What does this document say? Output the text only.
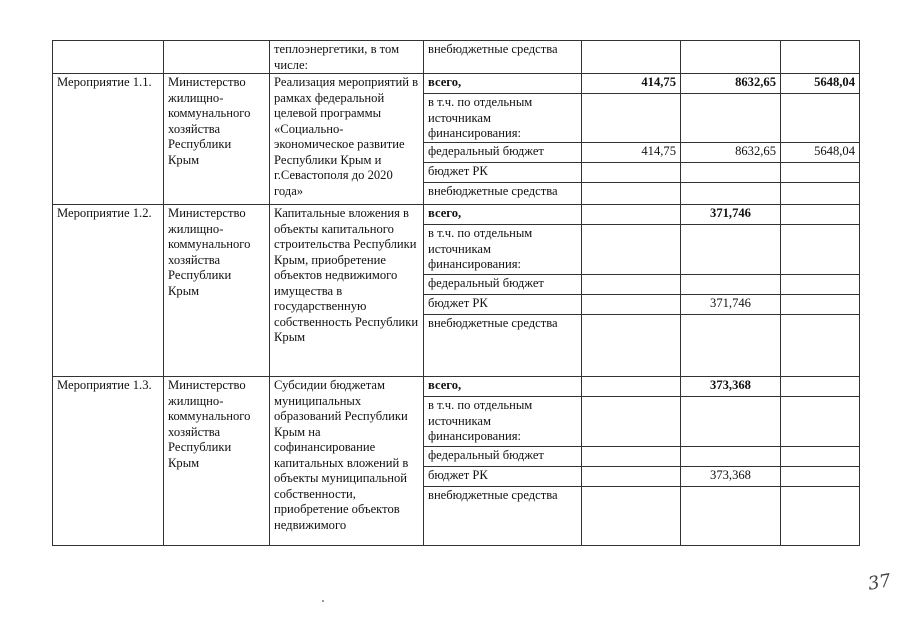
		теплоэнергетики, в том числе:	внебюджетные средства			
Мероприятие 1.1.	Министерство жилищно-коммунального хозяйства Республики Крым	Реализация мероприятий в рамках федеральной целевой программы «Социально-экономическое развитие Республики Крым и г.Севастополя до 2020 года»	всего,	414,75	8632,65	5648,04
			в т.ч. по отдельным источникам финансирования:			
			федеральный бюджет	414,75	8632,65	5648,04
			бюджет РК			
			внебюджетные средства			
Мероприятие 1.2.	Министерство жилищно-коммунального хозяйства Республики Крым	Капитальные вложения в объекты капитального строительства Республики Крым, приобретение объектов недвижимого имущества в государственную собственность Республики Крым	всего,		371,746	
			в т.ч. по отдельным источникам финансирования:			
			федеральный бюджет			
			бюджет РК		371,746	
			внебюджетные средства			
Мероприятие 1.3.	Министерство жилищно-коммунального хозяйства Республики Крым	Субсидии бюджетам муниципальных образований Республики Крым на софинансирование капитальных вложений в объекты муниципальной собственности, приобретение объектов недвижимого	всего,		373,368	
			в т.ч. по отдельным источникам финансирования:			
			федеральный бюджет			
			бюджет РК		373,368	
			внебюджетные средства			
37
